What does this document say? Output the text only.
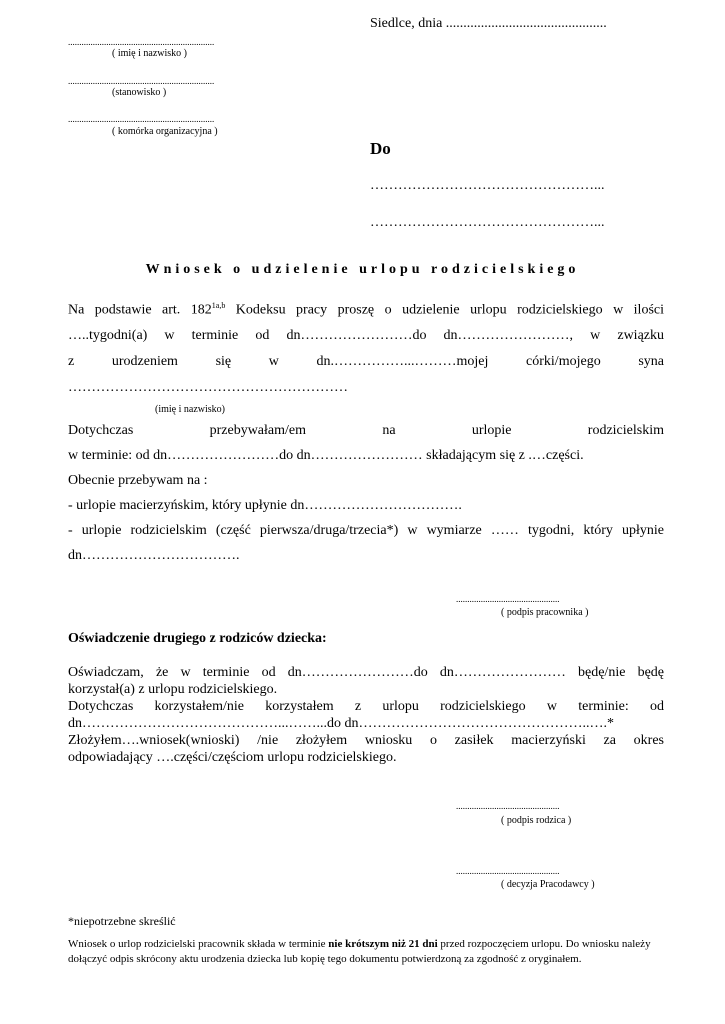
Siedlce, dnia ..............................................
.................................................................
( imię i nazwisko )
.................................................................
(stanowisko )
.................................................................
( komórka organizacyjna )
Do
…………………………………………...
…………………………………………...
Wniosek o udzielenie urlopu rodzicielskiego
Na podstawie art. $182^{1a,b}$ Kodeksu pracy proszę o udzielenie urlopu rodzicielskiego w ilości
…..tygodni(a) w terminie od dn……………………do dn……………………, w związku
z urodzeniem się w dn.……………...………mojej córki/mojego syna
……………………………………………………
(imię i nazwisko)
Dotychczas przebywałam/em na urlopie rodzicielskim
w terminie: od dn……………………do dn…………………… składającym się z .…części.
Obecnie przebywam na :
- urlopie macierzyńskim, który upłynie dn…………………………….
- urlopie rodzicielskim (część pierwsza/druga/trzecia*) w wymiarze …… tygodni, który upłynie
dn…………………………….
..............................................
( podpis pracownika )
Oświadczenie drugiego z rodziców dziecka:
Oświadczam, że w terminie od dn……………………do dn…………………… będę/nie będę
korzystał(a) z urlopu rodzicielskiego.
Dotychczas korzystałem/nie korzystałem z urlopu rodzicielskiego w terminie: od
dn……………………………………...……...do dn…………………………………………..….*
Złożyłem….wniosek(wnioski) /nie złożyłem wniosku o zasiłek macierzyński za okres
odpowiadający ….części/częściom urlopu rodzicielskiego.
..............................................
( podpis rodzica )
..............................................
( decyzja Pracodawcy )
*niepotrzebne skreślić
Wniosek o urlop rodzicielski pracownik składa w terminie nie krótszym niż 21 dni przed rozpoczęciem urlopu. Do wniosku należy dołączyć odpis skrócony aktu urodzenia dziecka lub kopię tego dokumentu potwierdzoną za zgodność z oryginałem.
